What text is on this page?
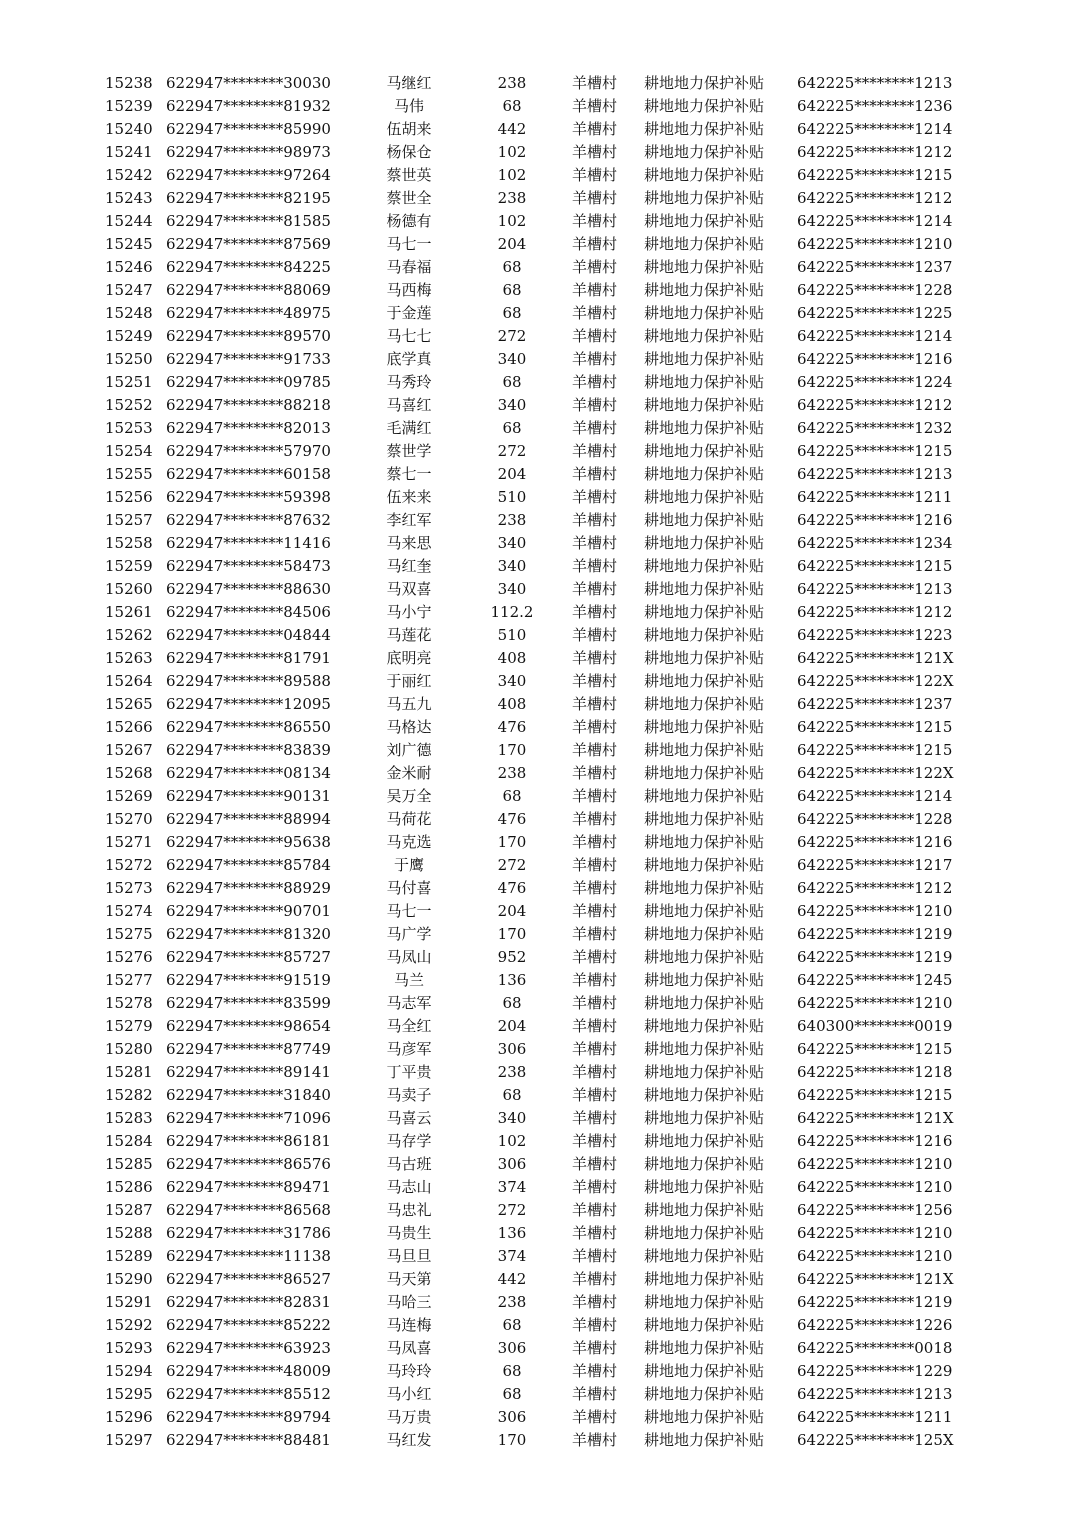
15238 622947********30030	马继红	238	羊槽村 耕地地力保护补贴 642225********1213
15239 622947********81932	马伟	68	羊槽村 耕地地力保护补贴 642225********1236
15240 622947********85990	伍胡来	442	羊槽村 耕地地力保护补贴 642225********1214
15241 622947********98973	杨保仓	102	羊槽村 耕地地力保护补贴 642225********1212
15242 622947********97264	蔡世英	102	羊槽村 耕地地力保护补贴 642225********1215
15243 622947********82195	蔡世全	238	羊槽村 耕地地力保护补贴 642225********1212
15244 622947********81585	杨德有	102	羊槽村 耕地地力保护补贴 642225********1214
15245 622947********87569	马七一	204	羊槽村 耕地地力保护补贴 642225********1210
15246 622947********84225	马春福	68	羊槽村 耕地地力保护补贴 642225********1237
15247 622947********88069	马西梅	68	羊槽村 耕地地力保护补贴 642225********1228
15248 622947********48975	于金莲	68	羊槽村 耕地地力保护补贴 642225********1225
15249 622947********89570	马七七	272	羊槽村 耕地地力保护补贴 642225********1214
15250 622947********91733	底学真	340	羊槽村 耕地地力保护补贴 642225********1216
15251 622947********09785	马秀玲	68	羊槽村 耕地地力保护补贴 642225********1224
15252 622947********88218	马喜红	340	羊槽村 耕地地力保护补贴 642225********1212
15253 622947********82013	毛满红	68	羊槽村 耕地地力保护补贴 642225********1232
15254 622947********57970	蔡世学	272	羊槽村 耕地地力保护补贴 642225********1215
15255 622947********60158	蔡七一	204	羊槽村 耕地地力保护补贴 642225********1213
15256 622947********59398	伍来来	510	羊槽村 耕地地力保护补贴 642225********1211
15257 622947********87632	李红军	238	羊槽村 耕地地力保护补贴 642225********1216
15258 622947********11416	马来思	340	羊槽村 耕地地力保护补贴 642225********1234
15259 622947********58473	马红奎	340	羊槽村 耕地地力保护补贴 642225********1215
15260 622947********88630	马双喜	340	羊槽村 耕地地力保护补贴 642225********1213
15261 622947********84506	马小宁	112.2	羊槽村 耕地地力保护补贴 642225********1212
15262 622947********04844	马莲花	510	羊槽村 耕地地力保护补贴 642225********1223
15263 622947********81791	底明亮	408	羊槽村 耕地地力保护补贴 642225********121X
15264 622947********89588	于丽红	340	羊槽村 耕地地力保护补贴 642225********122X
15265 622947********12095	马五九	408	羊槽村 耕地地力保护补贴 642225********1237
15266 622947********86550	马格达	476	羊槽村 耕地地力保护补贴 642225********1215
15267 622947********83839	刘广德	170	羊槽村 耕地地力保护补贴 642225********1215
15268 622947********08134	金米耐	238	羊槽村 耕地地力保护补贴 642225********122X
15269 622947********90131	吴万全	68	羊槽村 耕地地力保护补贴 642225********1214
15270 622947********88994	马荷花	476	羊槽村 耕地地力保护补贴 642225********1228
15271 622947********95638	马克选	170	羊槽村 耕地地力保护补贴 642225********1216
15272 622947********85784	于鹰	272	羊槽村 耕地地力保护补贴 642225********1217
15273 622947********88929	马付喜	476	羊槽村 耕地地力保护补贴 642225********1212
15274 622947********90701	马七一	204	羊槽村 耕地地力保护补贴 642225********1210
15275 622947********81320	马广学	170	羊槽村 耕地地力保护补贴 642225********1219
15276 622947********85727	马凤山	952	羊槽村 耕地地力保护补贴 642225********1219
15277 622947********91519	马兰	136	羊槽村 耕地地力保护补贴 642225********1245
15278 622947********83599	马志军	68	羊槽村 耕地地力保护补贴 642225********1210
15279 622947********98654	马全红	204	羊槽村 耕地地力保护补贴 640300********0019
15280 622947********87749	马彦军	306	羊槽村 耕地地力保护补贴 642225********1215
15281 622947********89141	丁平贵	238	羊槽村 耕地地力保护补贴 642225********1218
15282 622947********31840	马卖子	68	羊槽村 耕地地力保护补贴 642225********1215
15283 622947********71096	马喜云	340	羊槽村 耕地地力保护补贴 642225********121X
15284 622947********86181	马存学	102	羊槽村 耕地地力保护补贴 642225********1216
15285 622947********86576	马古班	306	羊槽村 耕地地力保护补贴 642225********1210
15286 622947********89471	马志山	374	羊槽村 耕地地力保护补贴 642225********1210
15287 622947********86568	马忠礼	272	羊槽村 耕地地力保护补贴 642225********1256
15288 622947********31786	马贵生	136	羊槽村 耕地地力保护补贴 642225********1210
15289 622947********11138	马旦旦	374	羊槽村 耕地地力保护补贴 642225********1210
15290 622947********86527	马天第	442	羊槽村 耕地地力保护补贴 642225********121X
15291 622947********82831	马哈三	238	羊槽村 耕地地力保护补贴 642225********1219
15292 622947********85222	马连梅	68	羊槽村 耕地地力保护补贴 642225********1226
15293 622947********63923	马凤喜	306	羊槽村 耕地地力保护补贴 642225********0018
15294 622947********48009	马玲玲	68	羊槽村 耕地地力保护补贴 642225********1229
15295 622947********85512	马小红	68	羊槽村 耕地地力保护补贴 642225********1213
15296 622947********89794	马万贵	306	羊槽村 耕地地力保护补贴 642225********1211
15297 622947********88481	马红发	170	羊槽村 耕地地力保护补贴 642225********125X
